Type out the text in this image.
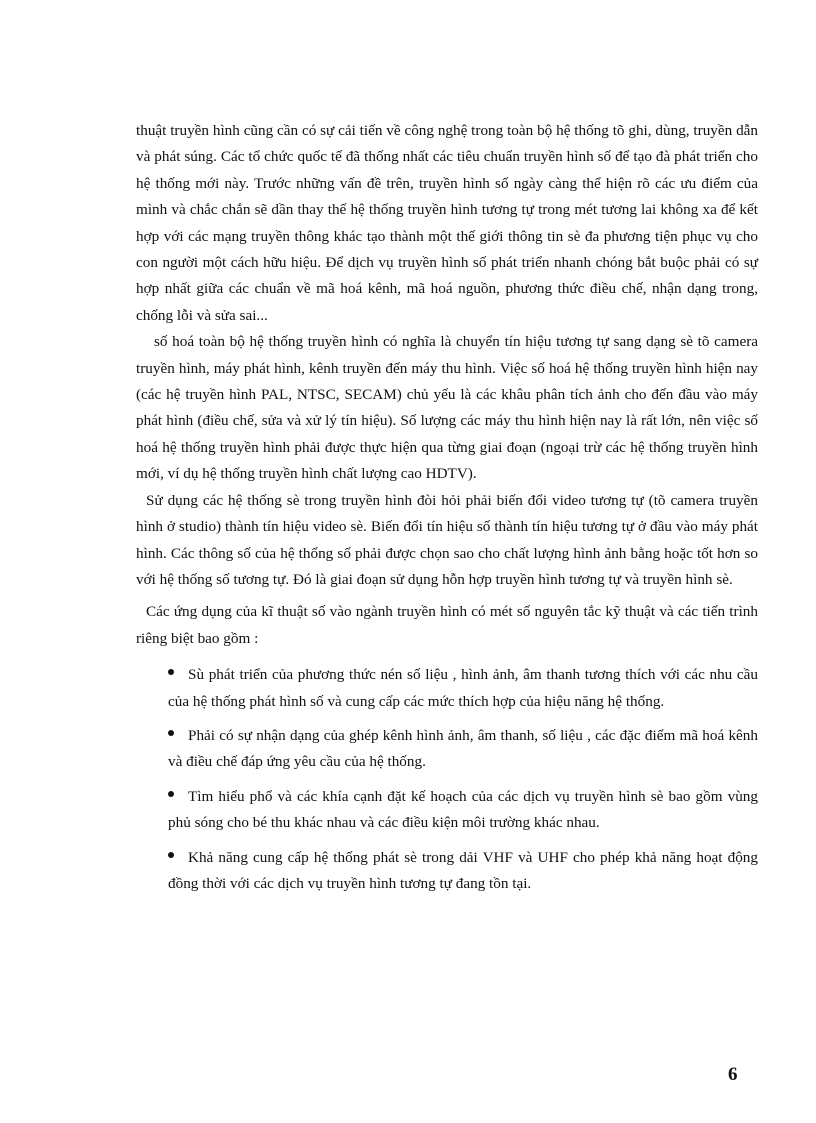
thuật truyền hình cũng cần có sự cải tiến về công nghệ trong toàn bộ hệ thống tõ ghi, dùng, truyền dẫn và phát súng. Các tổ chức quốc tế đã thống nhất các tiêu chuẩn truyền hình số để tạo đà phát triển cho hệ thống mới này. Trước những vấn đề trên, truyền hình số ngày càng thể hiện rõ các ưu điểm của mình và chắc chắn sẽ dần thay thế hệ thống truyền hình tương tự trong mét tương lai không xa để kết hợp với các mạng truyền thông khác tạo thành một thế giới thông tin sè đa phương tiện phục vụ cho con người một cách hữu hiệu. Để dịch vụ truyền hình số phát triển nhanh chóng bắt buộc phải có sự hợp nhất giữa các chuẩn về mã hoá kênh, mã hoá nguồn, phương thức điều chế, nhận dạng trong, chống lỗi và sửa sai...

số hoá toàn bộ hệ thống truyền hình có nghĩa là chuyển tín hiệu tương tự sang dạng sè tõ camera truyền hình, máy phát hình, kênh truyền đến máy thu hình. Việc số hoá hệ thống truyền hình hiện nay (các hệ truyền hình PAL, NTSC, SECAM) chủ yếu là các khâu phân tích ảnh cho đến đầu vào máy phát hình (điều chế, sửa và xử lý tín hiệu). Số lượng các máy thu hình hiện nay là rất lớn, nên việc số hoá hệ thống truyền hình phải được thực hiện qua từng giai đoạn (ngoại trừ các hệ thống truyền hình mới, ví dụ hệ thống truyền hình chất lượng cao HDTV).

Sử dụng các hệ thống sè trong truyền hình đòi hỏi phải biến đổi video tương tự (tõ camera truyền hình ở studio) thành tín hiệu video sè. Biến đổi tín hiệu số thành tín hiệu tương tự ở đầu vào máy phát hình. Các thông số của hệ thống số phải được chọn sao cho chất lượng hình ảnh bằng hoặc tốt hơn so với hệ thống số tương tự. Đó là giai đoạn sử dụng hỗn hợp truyền hình tương tự và truyền hình sè.

Các ứng dụng của kĩ thuật số vào ngành truyền hình có mét số nguyên tắc kỹ thuật và các tiến trình riêng biệt bao gồm :

Sù phát triển của phương thức nén số liệu , hình ảnh, âm thanh tương thích với các nhu cầu của hệ thống phát hình số và cung cấp các mức thích hợp của hiệu năng hệ thống.
Phải có sự nhận dạng của ghép kênh hình ảnh, âm thanh, số liệu , các đặc điểm mã hoá kênh và điều chế đáp ứng yêu cầu của hệ thống.
Tìm hiểu phổ và các khía cạnh đặt kế hoạch của các dịch vụ truyền hình sè bao gồm vùng phủ sóng cho bé thu khác nhau và các điều kiện môi trường khác nhau.
Khả năng cung cấp hệ thống phát sè trong dải VHF và UHF cho phép khả năng hoạt động đồng thời với các dịch vụ truyền hình tương tự đang tồn tại.
6
